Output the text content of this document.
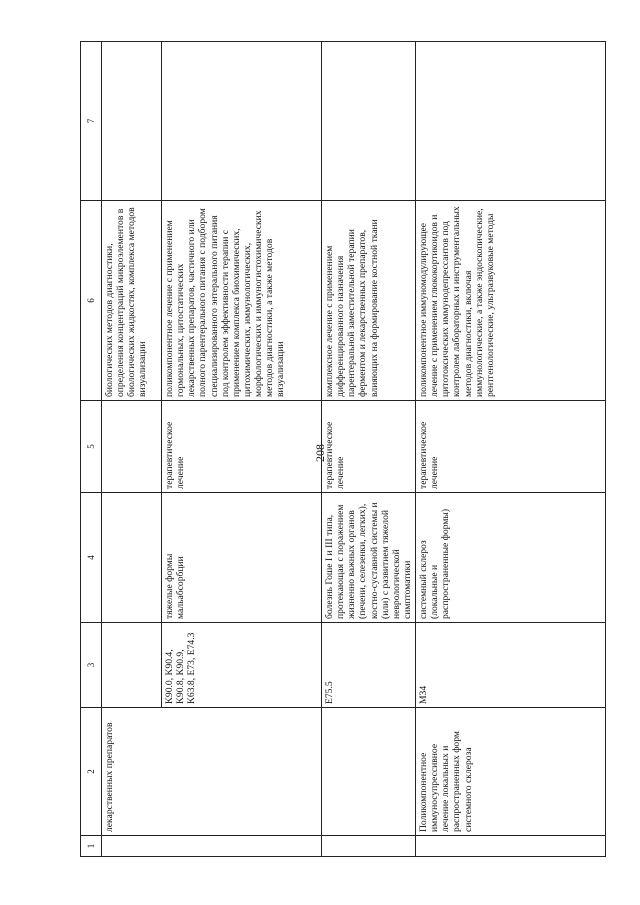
208
1	2	3	4	5	6	7
	лекарственных препаратов				биологических методов диагностики, определения концентраций микроэлементов в биологических жидкостях, комплекса методов визуализации	
		K90.0, K90.4, K90.8, K90.9, K63.8, E73, E74.3	тяжелые формы мальабсорбции	терапевтическое лечение	поликомпонентное лечение с применением гормональных, цитостатических лекарственных препаратов, частичного или полного парентерального питания с подбором специализированного энтерального питания под контролем эффективности терапии с применением комплекса биохимических, цитохимических, иммунологических, морфологических и иммуногистохимических методов диагностики, а также методов визуализации	
		E75.5	болезнь Гоше I и III типа, протекающая с поражением жизненно важных органов (печени, селезенки, легких), костно-суставной системы и (или) с развитием тяжелой неврологической симптоматики	терапевтическое лечение	комплексное лечение с применением дифференцированного назначения парентеральной заместительной терапии ферментом и лекарственных препаратов, влияющих на формирование костной ткани	
	Поликомпонентное иммуносупрессивное лечение локальных и распространенных форм системного склероза	M34	системный склероз (локальные и распространенные формы)	терапевтическое лечение	поликомпонентное иммуномодулирующее лечение с применением глюкокортикоидов и цитотоксических иммунодепрессантов под контролем лабораторных и инструментальных методов диагностики, включая иммунологические, а также эндоскопические, рентгенологические, ультразвуковые методы	
